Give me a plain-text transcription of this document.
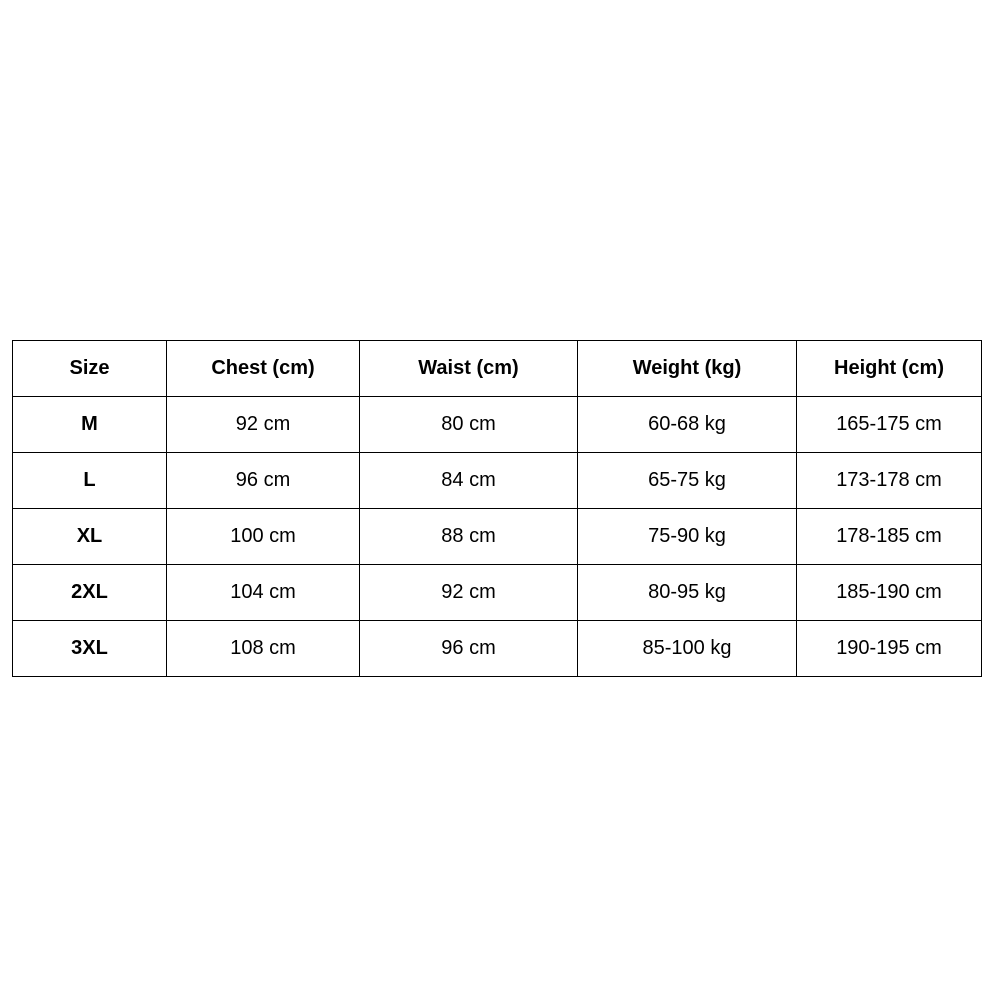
Size	Chest (cm)	Waist (cm)	Weight (kg)	Height (cm)
M	92 cm	80 cm	60-68 kg	165-175 cm
L	96 cm	84 cm	65-75 kg	173-178 cm
XL	100 cm	88 cm	75-90 kg	178-185 cm
2XL	104 cm	92 cm	80-95 kg	185-190 cm
3XL	108 cm	96 cm	85-100 kg	190-195 cm
